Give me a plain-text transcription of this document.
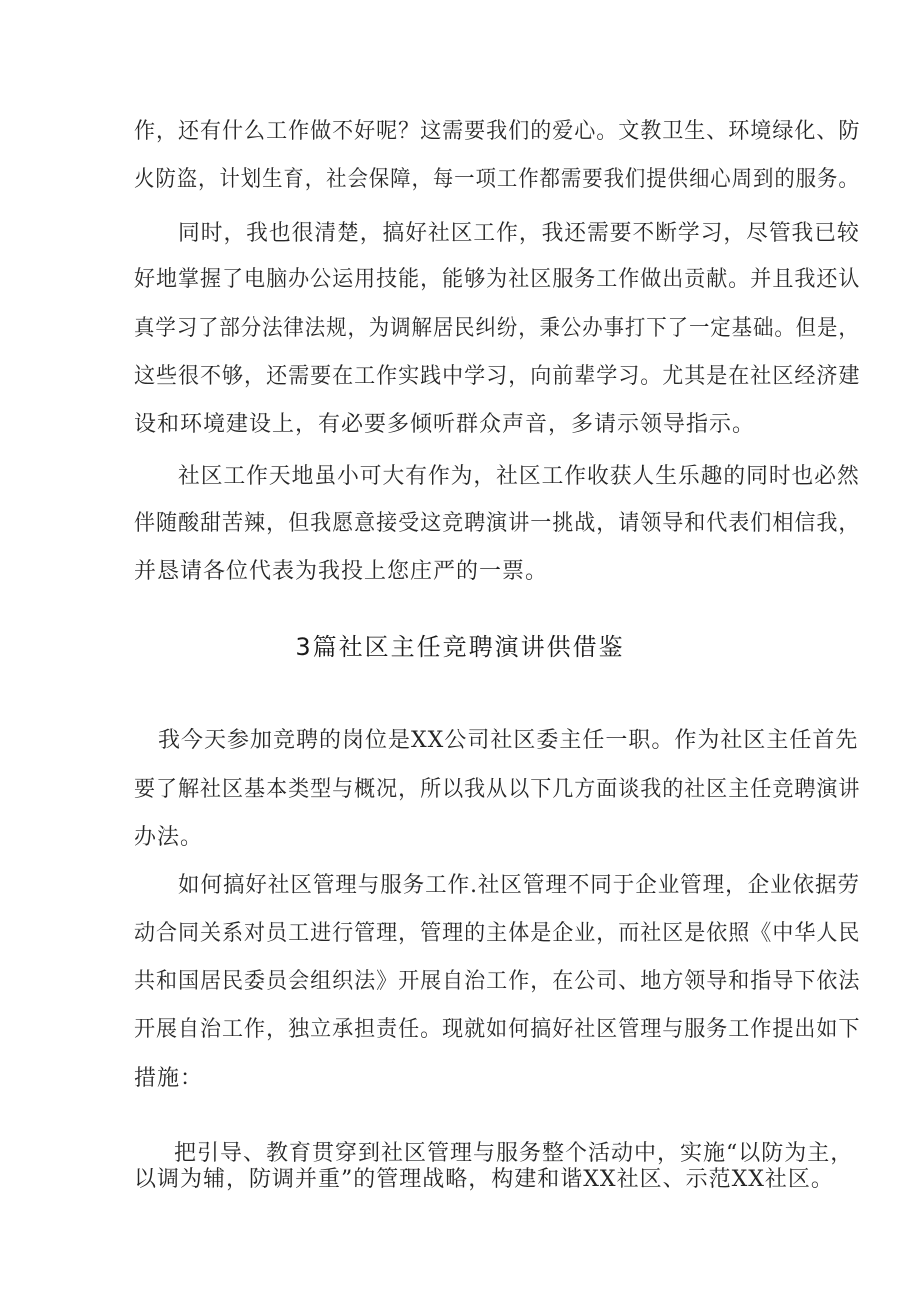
作，还有什么工作做不好呢？这需要我们的爱心。文教卫生、环境绿化、防

火防盗，计划生育，社会保障，每一项工作都需要我们提供细心周到的服务。

同时，我也很清楚，搞好社区工作，我还需要不断学习，尽管我已较

好地掌握了电脑办公运用技能，能够为社区服务工作做出贡献。并且我还认

真学习了部分法律法规，为调解居民纠纷，秉公办事打下了一定基础。但是，

这些很不够，还需要在工作实践中学习，向前辈学习。尤其是在社区经济建

设和环境建设上，有必要多倾听群众声音，多请示领导指示。

社区工作天地虽小可大有作为，社区工作收获人生乐趣的同时也必然

伴随酸甜苦辣，但我愿意接受这竞聘演讲一挑战，请领导和代表们相信我，

并恳请各位代表为我投上您庄严的一票。

3篇社区主任竞聘演讲供借鉴

我今天参加竞聘的岗位是XX公司社区委主任一职。作为社区主任首先

要了解社区基本类型与概况，所以我从以下几方面谈我的社区主任竞聘演讲

办法。

如何搞好社区管理与服务工作.社区管理不同于企业管理，企业依据劳

动合同关系对员工进行管理，管理的主体是企业，而社区是依照《中华人民

共和国居民委员会组织法》开展自治工作，在公司、地方领导和指导下依法

开展自治工作，独立承担责任。现就如何搞好社区管理与服务工作提出如下

措施：

把引导、教育贯穿到社区管理与服务整个活动中，实施“以防为主，

以调为辅，防调并重”的管理战略，构建和谐XX社区、示范XX社区。
